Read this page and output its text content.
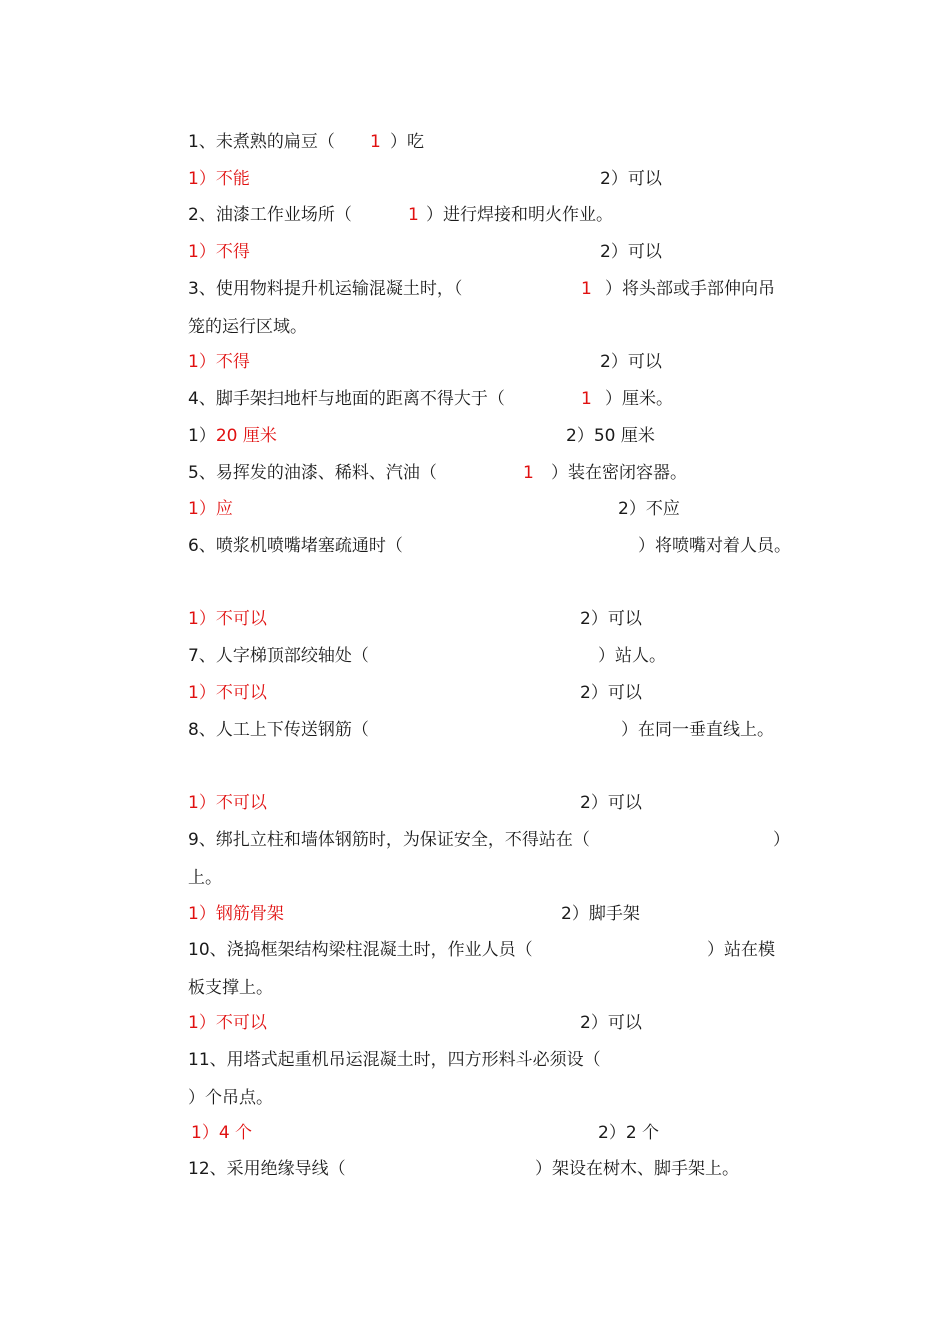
1、未煮熟的扁豆（ 1 ）吃
1）不能	2）可以
2、油漆工作业场所（	1 ）进行焊接和明火作业。
1）不得	2）可以
3、使用物料提升机运输混凝土时，（	1 ）将头部或手部伸向吊
笼的运行区域。
1）不得	2）可以
4、脚手架扫地杆与地面的距离不得大于（	1 ）厘米。
1）20 厘米	2）50 厘米
5、易挥发的油漆、稀料、汽油（	1 ）装在密闭容器。
1）应	2）不应
6、喷浆机喷嘴堵塞疏通时（	）将喷嘴对着人员。
1）不可以	2）可以
7、人字梯顶部绞轴处（	）站人。
1）不可以	2）可以
8、人工上下传送钢筋（	）在同一垂直线上。
1）不可以	2）可以
9、绑扎立柱和墙体钢筋时，为保证安全，不得站在（	）
上。
1）钢筋骨架	2）脚手架
10、浇捣框架结构梁柱混凝土时，作业人员（	）站在模
板支撑上。
1）不可以	2）可以
11、用塔式起重机吊运混凝土时，四方形料斗必须设（
）个吊点。
1）4 个	2）2 个
12、采用绝缘导线（	）架设在树木、脚手架上。
